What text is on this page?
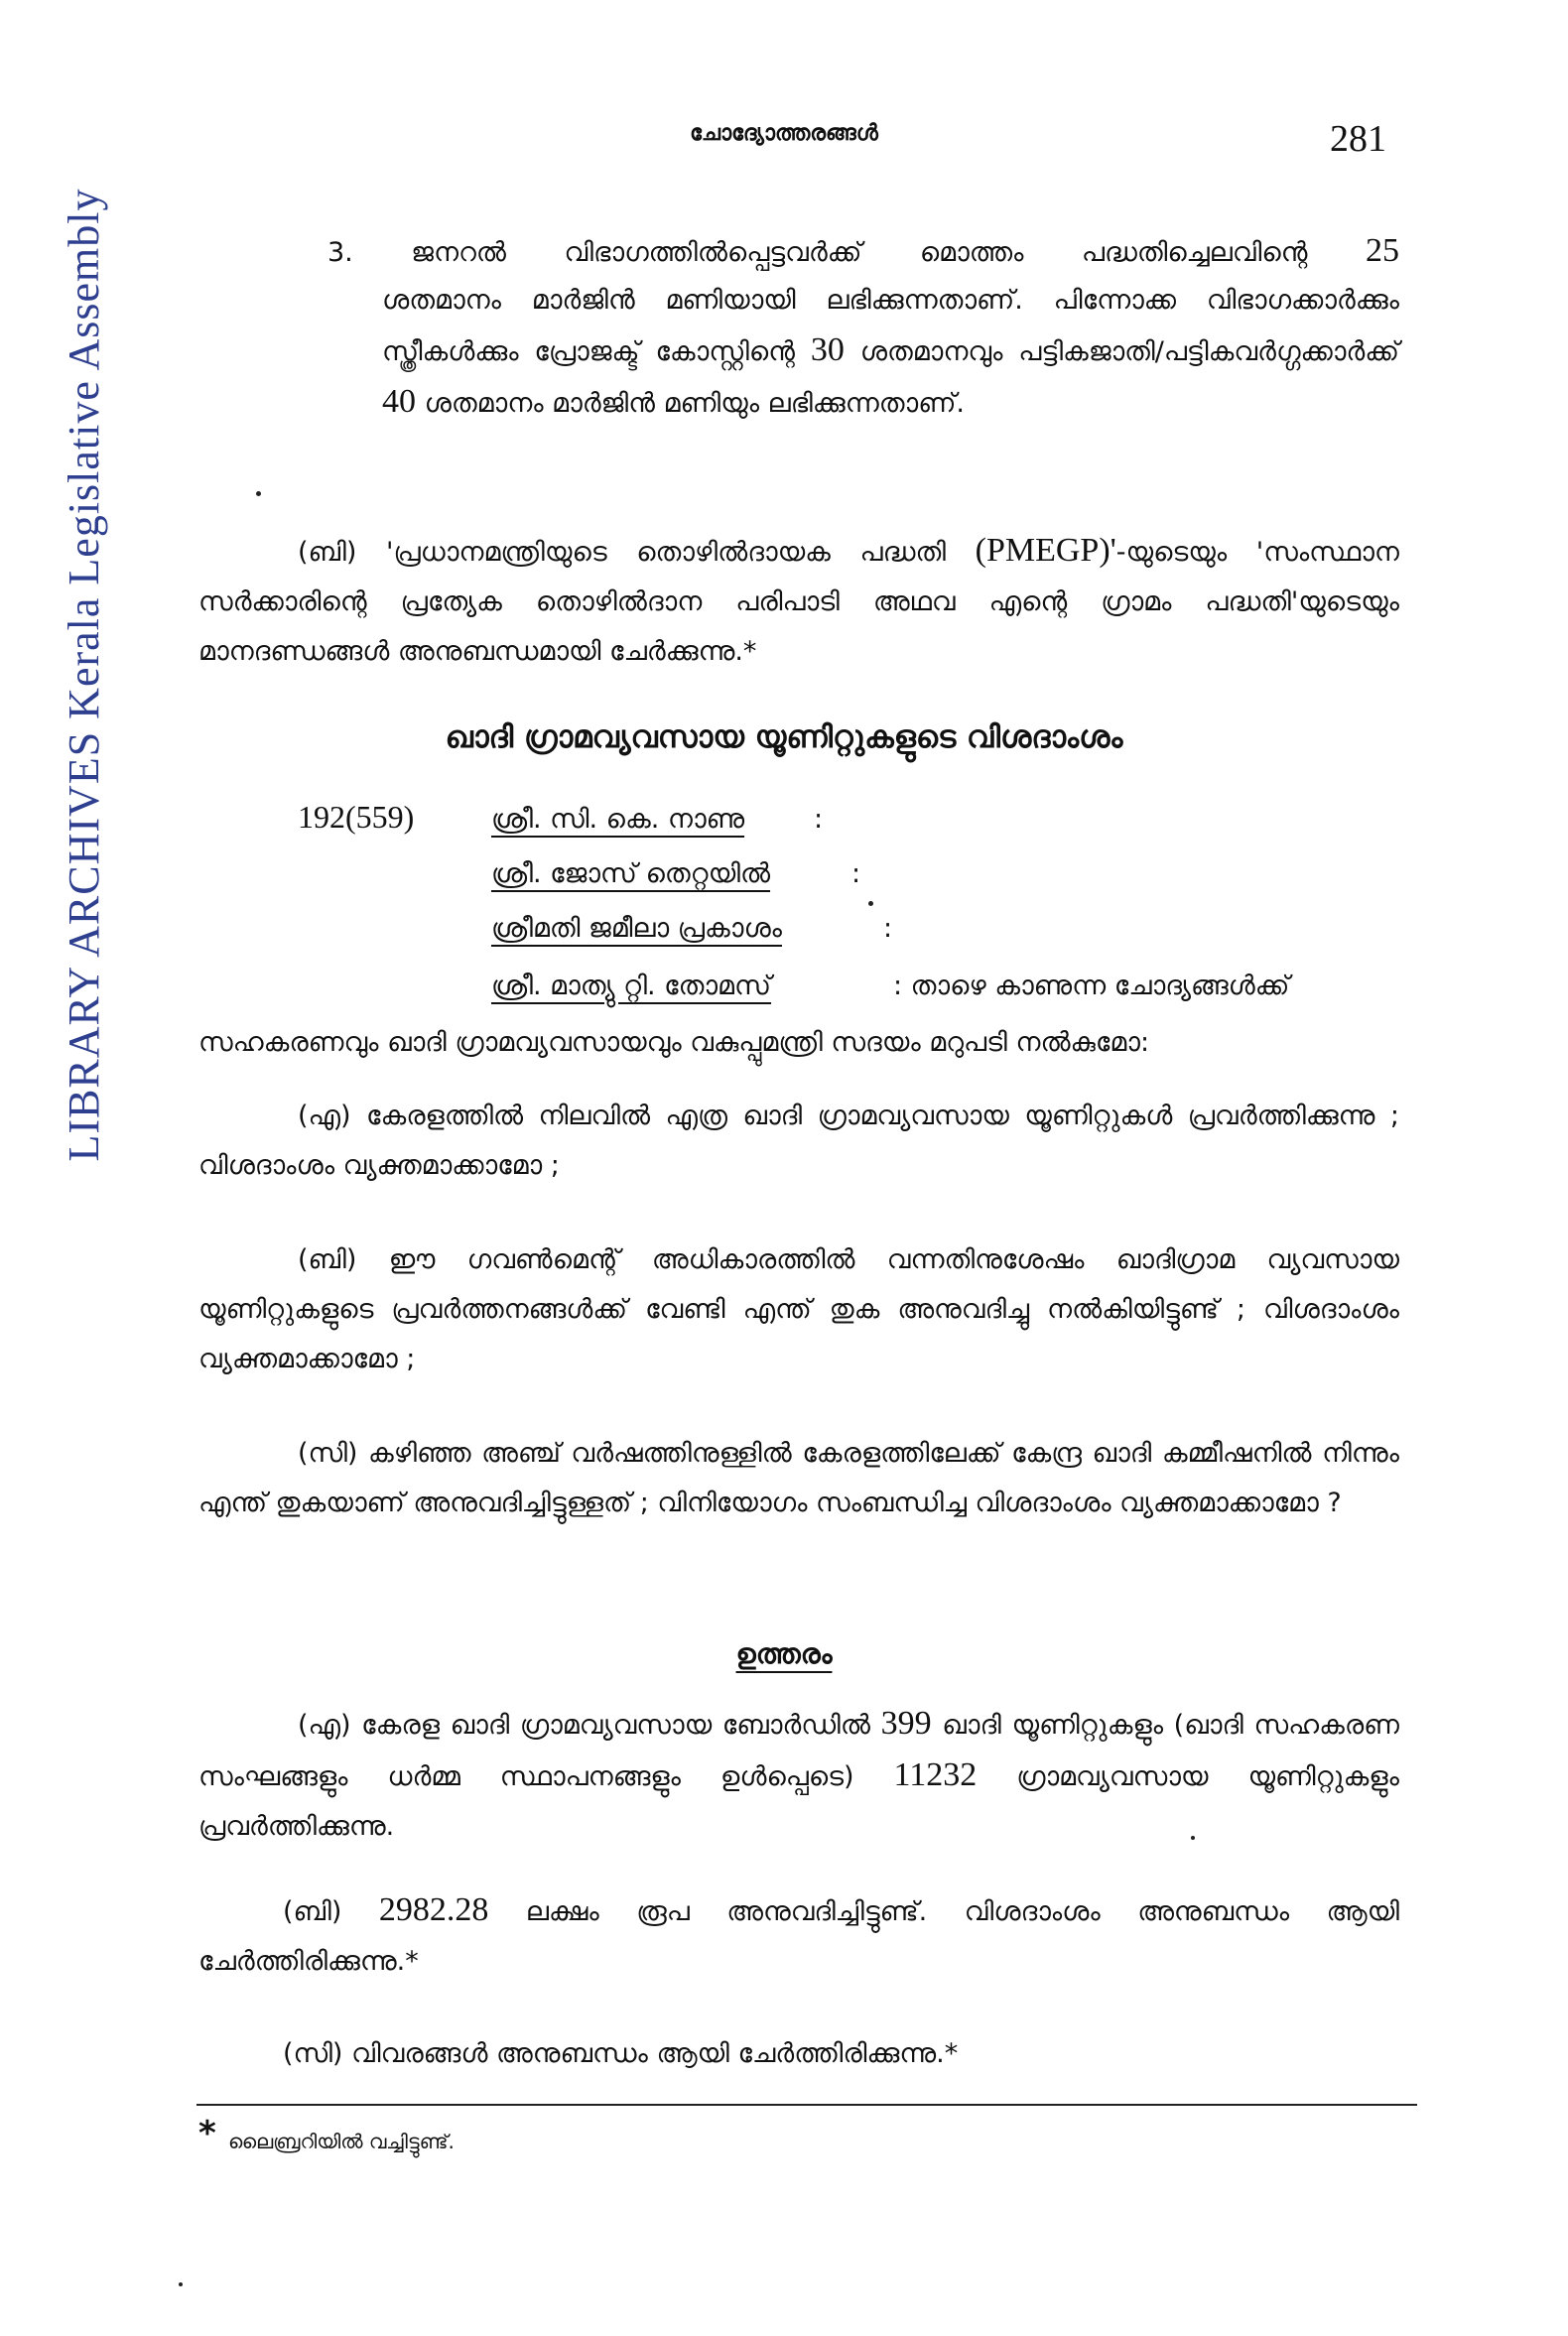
LIBRARY ARCHIVES Kerala Legislative Assembly
ചോദ്യോത്തരങ്ങൾ	281
3. ജനറൽ വിഭാഗത്തിൽപ്പെട്ടവർക്ക് മൊത്തം പദ്ധതിച്ചെലവിന്റെ 25
ശതമാനം മാർജിൻ മണിയായി ലഭിക്കുന്നതാണ്. പിന്നോക്ക വിഭാഗക്കാർക്കും സ്ത്രീകൾക്കും പ്രോജക്ട് കോസ്റ്റിന്റെ 30 ശതമാനവും പട്ടികജാതി/പട്ടികവർഗ്ഗക്കാർക്ക് 40 ശതമാനം മാർജിൻ മണിയും ലഭിക്കുന്നതാണ്.
(ബി) 'പ്രധാനമന്ത്രിയുടെ തൊഴിൽദായക പദ്ധതി (PMEGP)'-യുടെയും 'സംസ്ഥാന സർക്കാരിന്റെ പ്രത്യേക തൊഴിൽദാന പരിപാടി അഥവ എന്റെ ഗ്രാമം പദ്ധതി'യുടെയും മാനദണ്ഡങ്ങൾ അനുബന്ധമായി ചേർക്കുന്നു.*
ഖാദി ഗ്രാമവ്യവസായ യൂണിറ്റുകളുടെ വിശദാംശം
192(559)	ശ്രീ. സി. കെ. നാണു	:
ശ്രീ. ജോസ് തെറ്റയിൽ	:
ശ്രീമതി ജമീലാ പ്രകാശം	:
ശ്രീ. മാത്യു റ്റി. തോമസ്	: താഴെ കാണുന്ന ചോദ്യങ്ങൾക്ക്
സഹകരണവും ഖാദി ഗ്രാമവ്യവസായവും വകുപ്പുമന്ത്രി സദയം മറുപടി നൽകുമോ:
(എ) കേരളത്തിൽ നിലവിൽ എത്ര ഖാദി ഗ്രാമവ്യവസായ യൂണിറ്റുകൾ പ്രവർത്തിക്കുന്നു ; വിശദാംശം വ്യക്തമാക്കാമോ ;
(ബി) ഈ ഗവൺമെന്റ് അധികാരത്തിൽ വന്നതിനുശേഷം ഖാദിഗ്രാമ വ്യവസായ യൂണിറ്റുകളുടെ പ്രവർത്തനങ്ങൾക്ക് വേണ്ടി എന്ത് തുക അനുവദിച്ചു നൽകിയിട്ടുണ്ട് ; വിശദാംശം വ്യക്തമാക്കാമോ ;
(സി) കഴിഞ്ഞ അഞ്ച് വർഷത്തിനുള്ളിൽ കേരളത്തിലേക്ക് കേന്ദ്ര ഖാദി കമ്മീഷനിൽ നിന്നും എന്ത് തുകയാണ് അനുവദിച്ചിട്ടുള്ളത് ; വിനിയോഗം സംബന്ധിച്ച വിശദാംശം വ്യക്തമാക്കാമോ ?
ഉത്തരം
(എ) കേരള ഖാദി ഗ്രാമവ്യവസായ ബോർഡിൽ 399 ഖാദി യൂണിറ്റുകളും (ഖാദി സഹകരണ സംഘങ്ങളും ധർമ്മ സ്ഥാപനങ്ങളും ഉൾപ്പെടെ) 11232 ഗ്രാമവ്യവസായ യൂണിറ്റുകളും പ്രവർത്തിക്കുന്നു.
(ബി) 2982.28 ലക്ഷം രൂപ അനുവദിച്ചിട്ടുണ്ട്. വിശദാംശം അനുബന്ധം ആയി ചേർത്തിരിക്കുന്നു.*
(സി) വിവരങ്ങൾ അനുബന്ധം ആയി ചേർത്തിരിക്കുന്നു.*
* ലൈബ്രറിയിൽ വച്ചിട്ടുണ്ട്.
